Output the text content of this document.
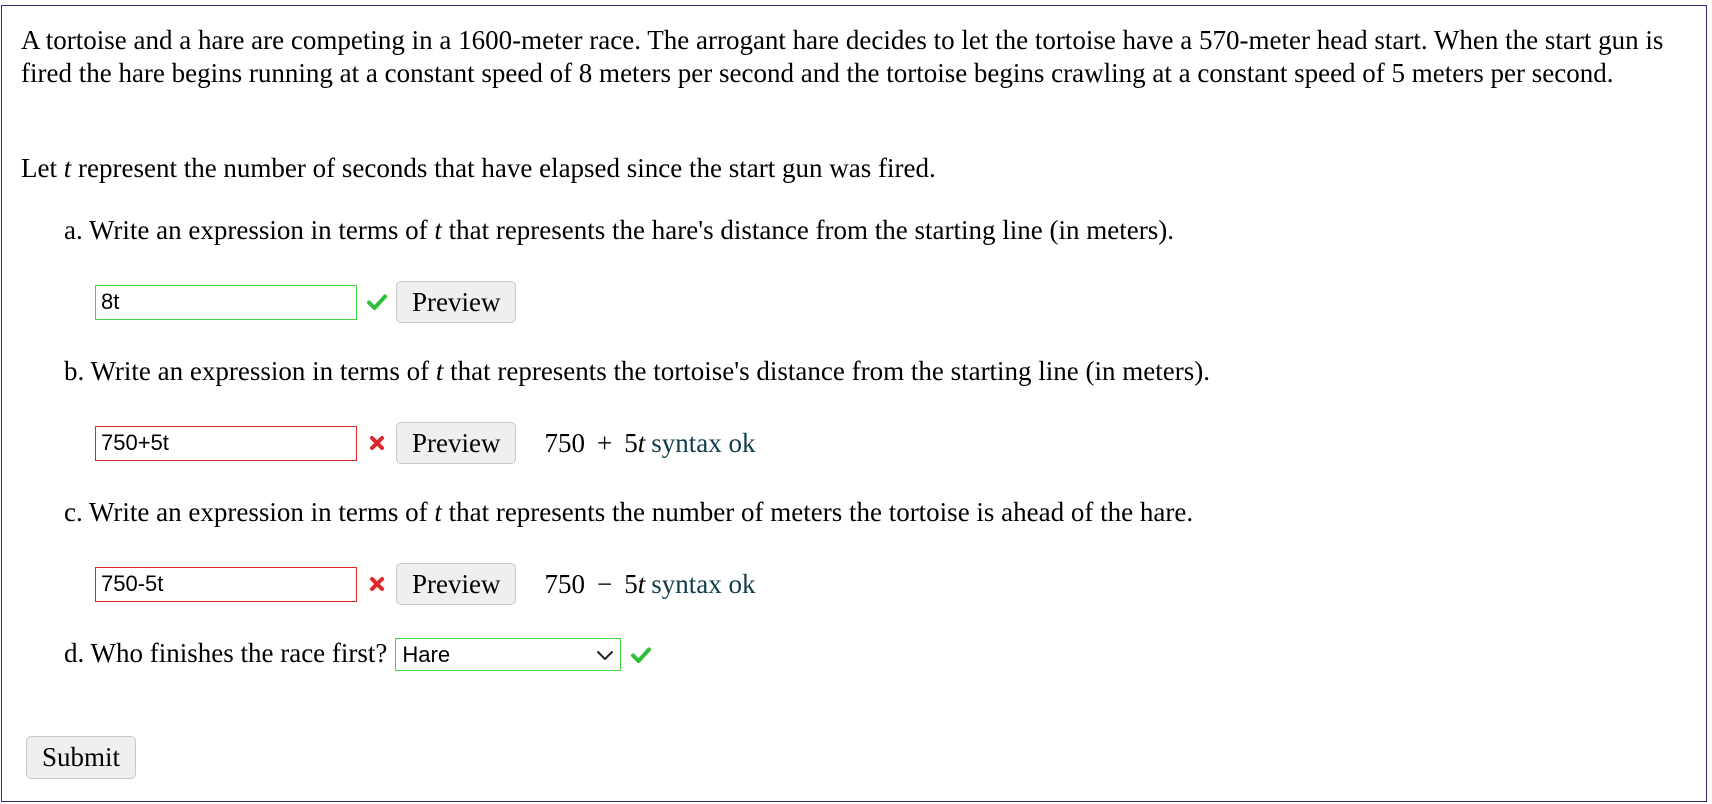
A tortoise and a hare are competing in a 1600-meter race. The arrogant hare decides to let the tortoise have a 570-meter head start. When the start gun is fired the hare begins running at a constant speed of 8 meters per second and the tortoise begins crawling at a constant speed of 5 meters per second.
Let t represent the number of seconds that have elapsed since the start gun was fired.
a. Write an expression in terms of t that represents the hare's distance from the starting line (in meters).
8t
Preview
b. Write an expression in terms of t that represents the tortoise's distance from the starting line (in meters).
750+5t
Preview	750 + 5t syntax ok
c. Write an expression in terms of t that represents the number of meters the tortoise is ahead of the hare.
750-5t
Preview	750 − 5t syntax ok
d. Who finishes the race first? Hare
Submit
